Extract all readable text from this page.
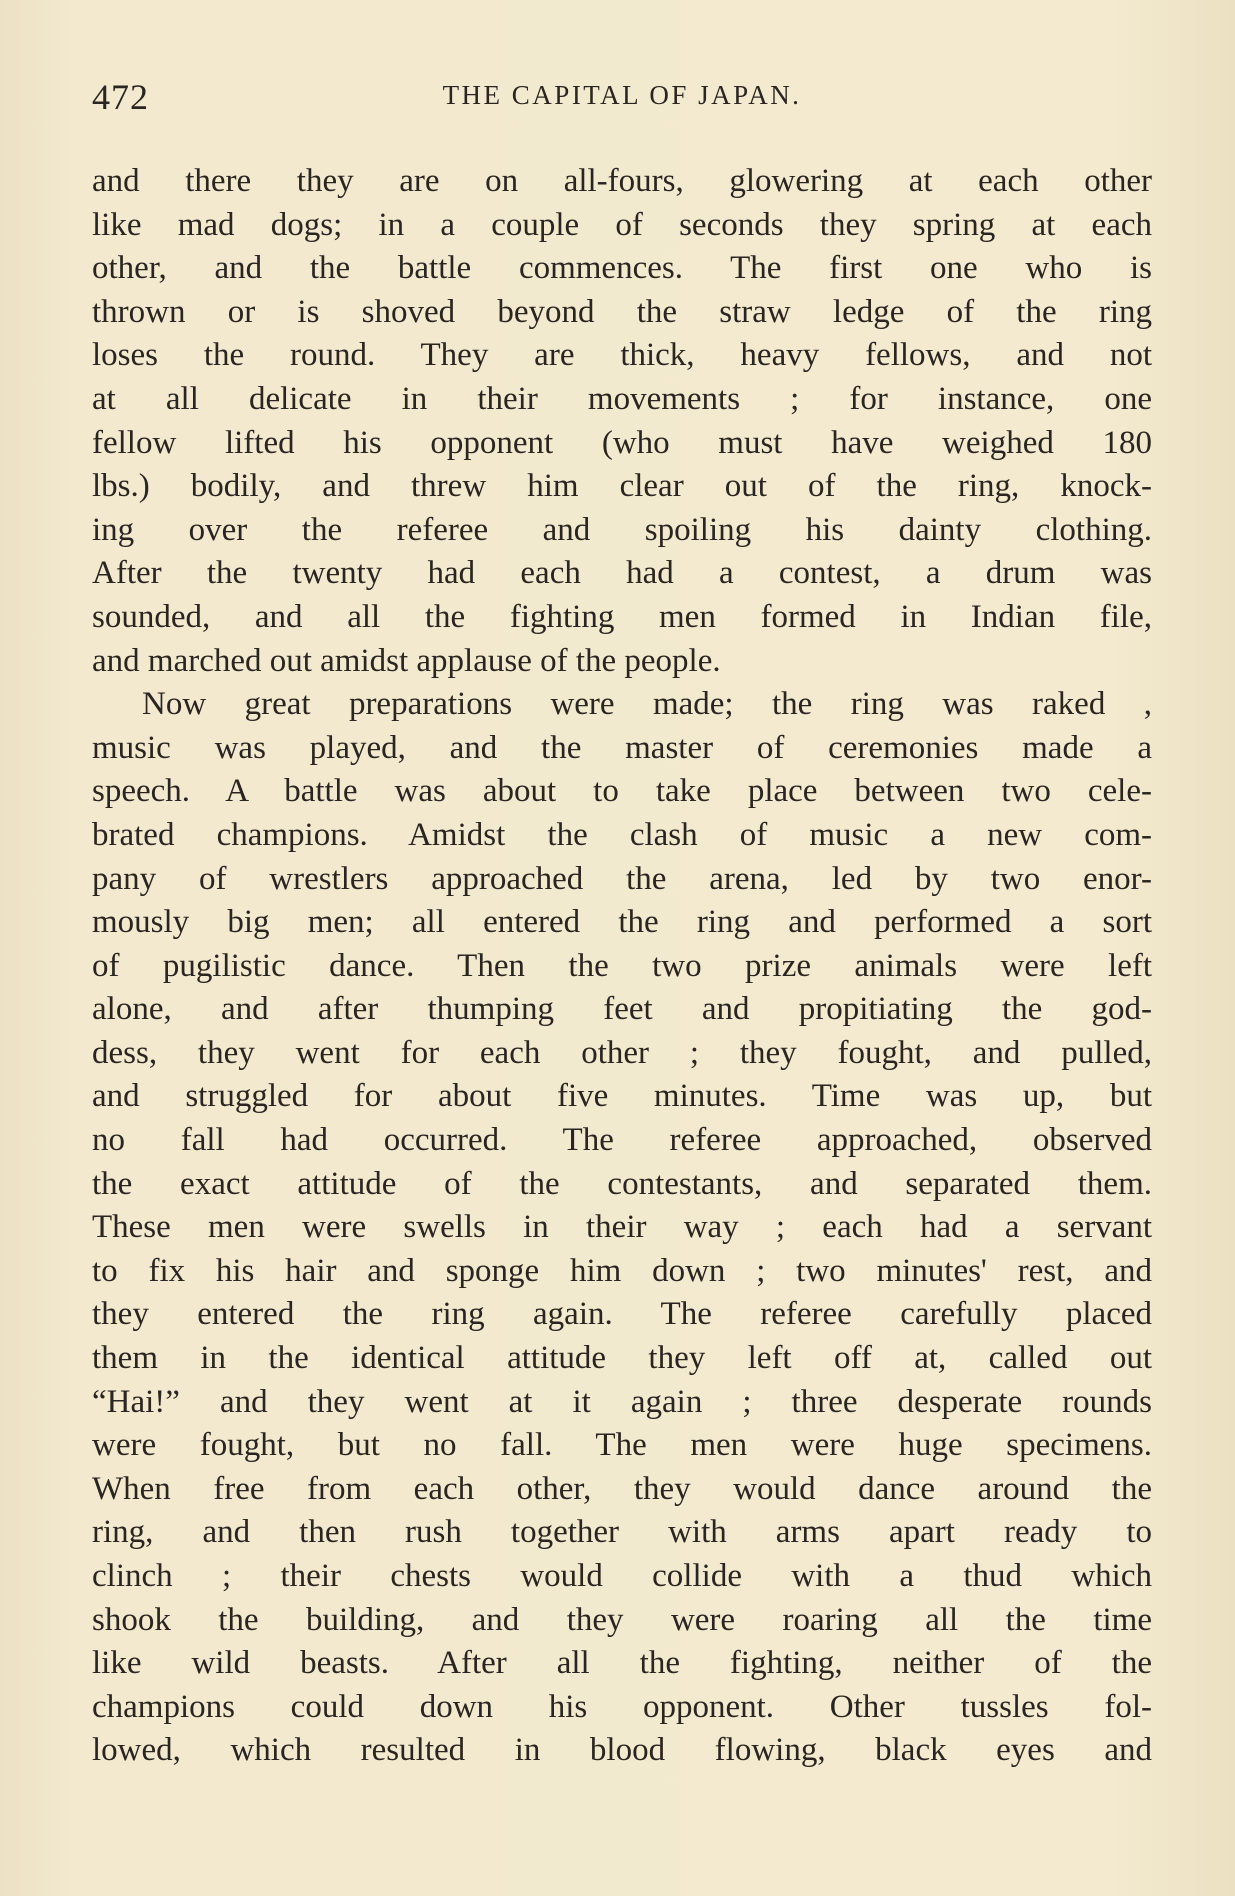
472	THE CAPITAL OF JAPAN.
and there they are on all-fours, glowering at each other
like mad dogs; in a couple of seconds they spring at each
other, and the battle commences. The first one who is
thrown or is shoved beyond the straw ledge of the ring
loses the round. They are thick, heavy fellows, and not
at all delicate in their movements ; for instance, one
fellow lifted his opponent (who must have weighed 180
lbs.) bodily, and threw him clear out of the ring, knock-
ing over the referee and spoiling his dainty clothing.
After the twenty had each had a contest, a drum was
sounded, and all the fighting men formed in Indian file,
and marched out amidst applause of the people.
Now great preparations were made; the ring was raked ,
music was played, and the master of ceremonies made a
speech. A battle was about to take place between two cele-
brated champions. Amidst the clash of music a new com-
pany of wrestlers approached the arena, led by two enor-
mously big men; all entered the ring and performed a sort
of pugilistic dance. Then the two prize animals were left
alone, and after thumping feet and propitiating the god-
dess, they went for each other ; they fought, and pulled,
and struggled for about five minutes. Time was up, but
no fall had occurred. The referee approached, observed
the exact attitude of the contestants, and separated them.
These men were swells in their way ; each had a servant
to fix his hair and sponge him down ; two minutes' rest, and
they entered the ring again. The referee carefully placed
them in the identical attitude they left off at, called out
“Hai!” and they went at it again ; three desperate rounds
were fought, but no fall. The men were huge specimens.
When free from each other, they would dance around the
ring, and then rush together with arms apart ready to
clinch ; their chests would collide with a thud which
shook the building, and they were roaring all the time
like wild beasts. After all the fighting, neither of the
champions could down his opponent. Other tussles fol-
lowed, which resulted in blood flowing, black eyes and
